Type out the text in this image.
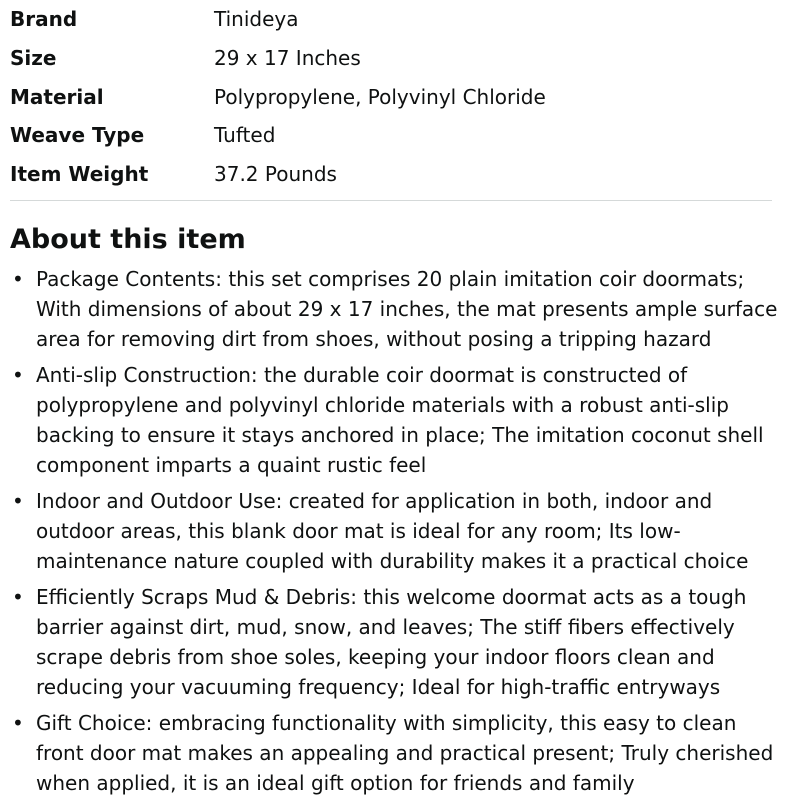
Brand	Tinideya
Size	29 x 17 Inches
Material	Polypropylene, Polyvinyl Chloride
Weave Type	Tufted
Item Weight	37.2 Pounds
About this item
• Package Contents: this set comprises 20 plain imitation coir doormats; With dimensions of about 29 x 17 inches, the mat presents ample surface area for removing dirt from shoes, without posing a tripping hazard
• Anti-slip Construction: the durable coir doormat is constructed of polypropylene and polyvinyl chloride materials with a robust anti-slip backing to ensure it stays anchored in place; The imitation coconut shell component imparts a quaint rustic feel
• Indoor and Outdoor Use: created for application in both, indoor and outdoor areas, this blank door mat is ideal for any room; Its low-maintenance nature coupled with durability makes it a practical choice
• Efficiently Scraps Mud & Debris: this welcome doormat acts as a tough barrier against dirt, mud, snow, and leaves; The stiff fibers effectively scrape debris from shoe soles, keeping your indoor floors clean and reducing your vacuuming frequency; Ideal for high-traffic entryways
• Gift Choice: embracing functionality with simplicity, this easy to clean front door mat makes an appealing and practical present; Truly cherished when applied, it is an ideal gift option for friends and family
